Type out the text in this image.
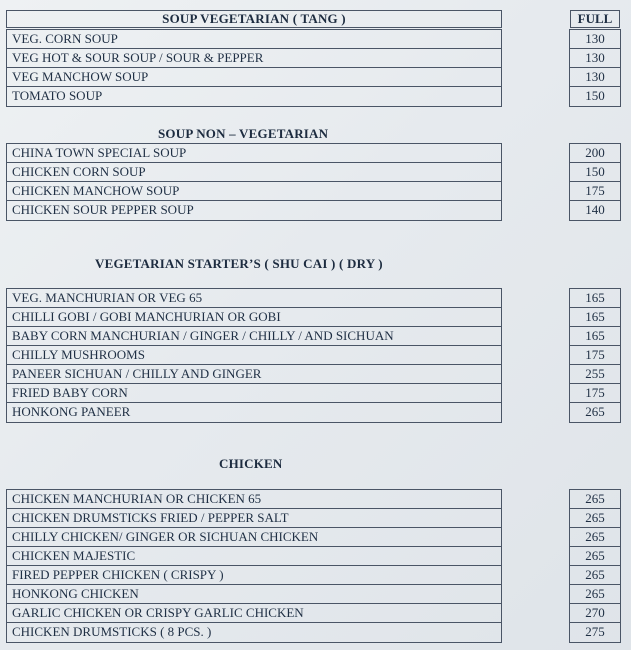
SOUP VEGETARIAN ( TANG )	FULL
VEG. CORN SOUP
VEG HOT & SOUR SOUP / SOUR & PEPPER
VEG MANCHOW SOUP
TOMATO SOUP
130
130
130
150
SOUP NON – VEGETARIAN
CHINA TOWN SPECIAL SOUP
CHICKEN CORN SOUP
CHICKEN MANCHOW SOUP
CHICKEN SOUR PEPPER SOUP
200
150
175
140
VEGETARIAN STARTER’S ( SHU CAI ) ( DRY )
VEG. MANCHURIAN OR VEG 65
CHILLI GOBI / GOBI MANCHURIAN OR GOBI
BABY CORN MANCHURIAN / GINGER / CHILLY / AND SICHUAN
CHILLY MUSHROOMS
PANEER SICHUAN / CHILLY AND GINGER
FRIED BABY CORN
HONKONG PANEER
165
165
165
175
255
175
265
CHICKEN
CHICKEN MANCHURIAN OR CHICKEN 65
CHICKEN DRUMSTICKS FRIED / PEPPER SALT
CHILLY CHICKEN/ GINGER OR SICHUAN CHICKEN
CHICKEN MAJESTIC
FIRED PEPPER CHICKEN ( CRISPY )
HONKONG CHICKEN
GARLIC CHICKEN OR CRISPY GARLIC CHICKEN
CHICKEN DRUMSTICKS ( 8 PCS. )
265
265
265
265
265
265
270
275
